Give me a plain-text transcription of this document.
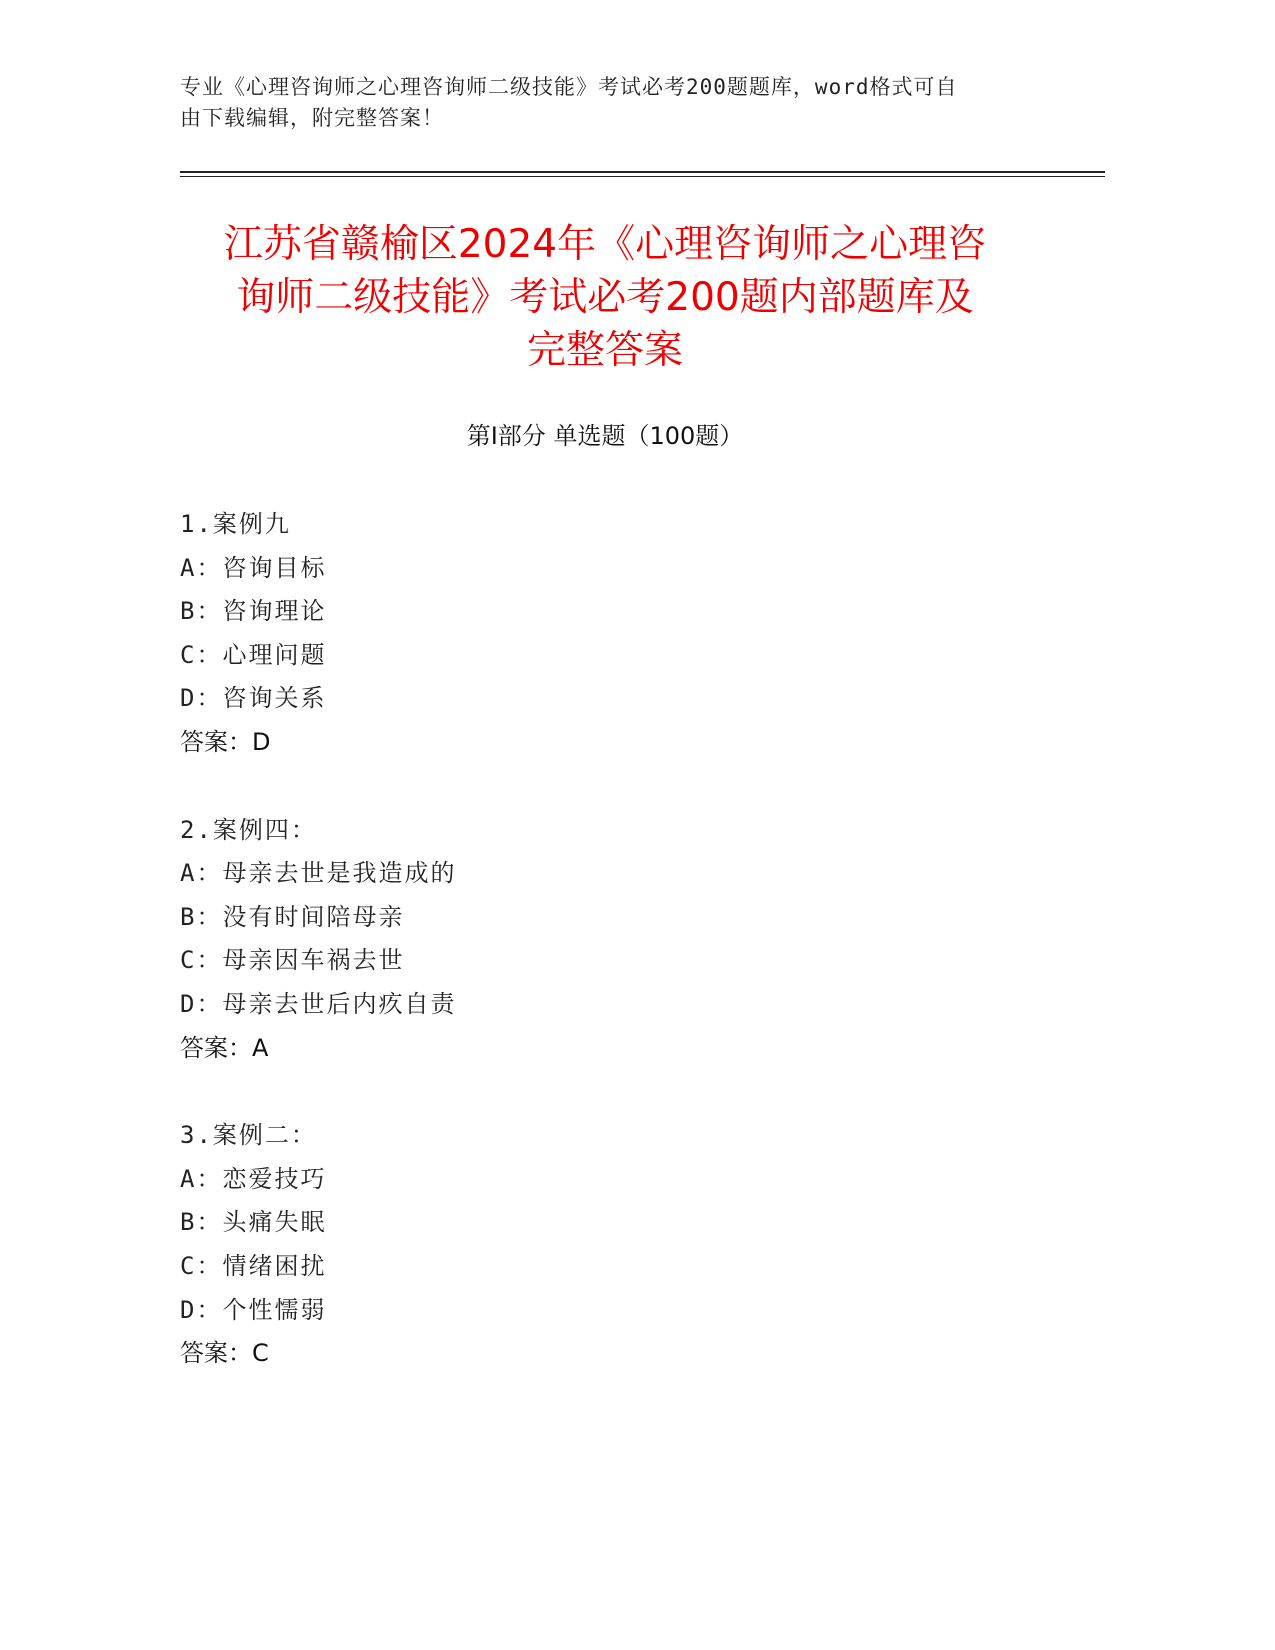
专业《心理咨询师之心理咨询师二级技能》考试必考200题题库，word格式可自
由下载编辑，附完整答案！
江苏省赣榆区2024年《心理咨询师之心理咨
询师二级技能》考试必考200题内部题库及
完整答案
第Ⅰ部分 单选题（100题）
1.案例九
A：咨询目标
B：咨询理论
C：心理问题
D：咨询关系
答案：D
2.案例四：
A：母亲去世是我造成的
B：没有时间陪母亲
C：母亲因车祸去世
D：母亲去世后内疚自责
答案：A
3.案例二：
A：恋爱技巧
B：头痛失眠
C：情绪困扰
D：个性懦弱
答案：C
